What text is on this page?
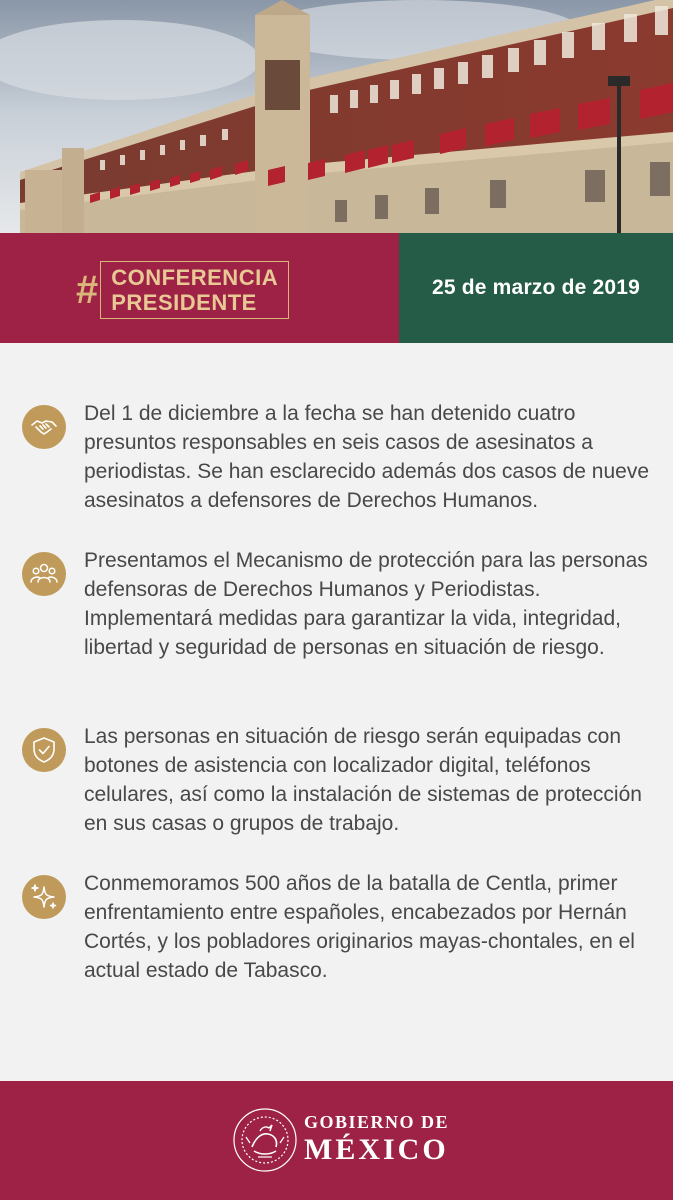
# CONFERENCIA
PRESIDENTE
25 de marzo de 2019
Del 1 de diciembre a la fecha se han detenido cuatro presuntos responsables en seis casos de asesinatos a periodistas. Se han esclarecido además dos casos de nueve asesinatos a defensores de Derechos Humanos.
Presentamos el Mecanismo de protección para las personas defensoras de Derechos Humanos y Periodistas. Implementará medidas para garantizar la vida, integridad, libertad y seguridad de personas en situación de riesgo.
Las personas en situación de riesgo serán equipadas con botones de asistencia con localizador digital, teléfonos celulares, así como la instalación de sistemas de protección en sus casas o grupos de trabajo.
Conmemoramos 500 años de la batalla de Centla, primer enfrentamiento entre españoles, encabezados por Hernán Cortés, y los pobladores originarios mayas-chontales, en el actual estado de Tabasco.
GOBIERNO DE
MÉXICO
